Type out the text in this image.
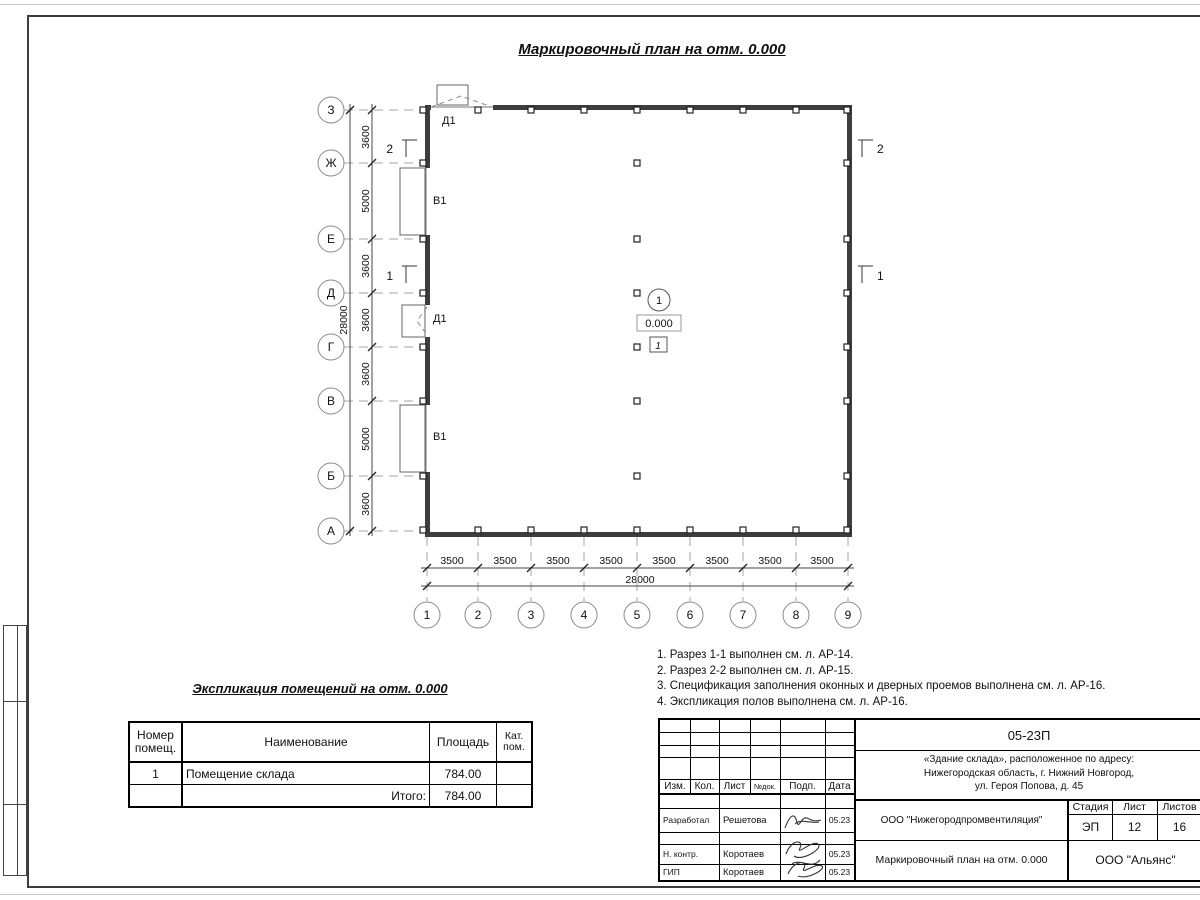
Маркировочный план на отм. 0.000
3600
5000
3600
3600
3600
5000
3600
28000
3500	3500	3500	3500	3500	3500	3500	3500
28000
З
Ж
Е
Д
Г
В
Б
А
1	2	3	4	5	6	7	8	9
Д1
В1
Д1
В1
2
1
2
1
1
0.000
1
Экспликация помещений на отм. 0.000
Номер помещ.	Наименование	Площадь	Кат. пом.
1	Помещение склада	784.00	
	Итого:	784.00	
1. Разрез 1-1 выполнен см. л. АР-14.
2. Разрез 2-2 выполнен см. л. АР-15.
3. Спецификация заполнения оконных и дверных проемов выполнена см. л. АР-16.
4. Экспликация полов выполнена см. л. АР-16.
Изм. Кол. Лист	№док.	Подп.	Дата
Разработал	Решетова	05.23
Н. контр.	Коротаев	05.23
ГИП	Коротаев	05.23
05-23П
«Здание склада», расположенное по адресу:
Нижегородская область, г. Нижний Новгород,
ул. Героя Попова, д. 45
ООО "Нижегородпромвентиляция"
Маркировочный план на отм. 0.000
Стадия	Лист	Листов
ЭП	12	16
ООО "Альянс"
